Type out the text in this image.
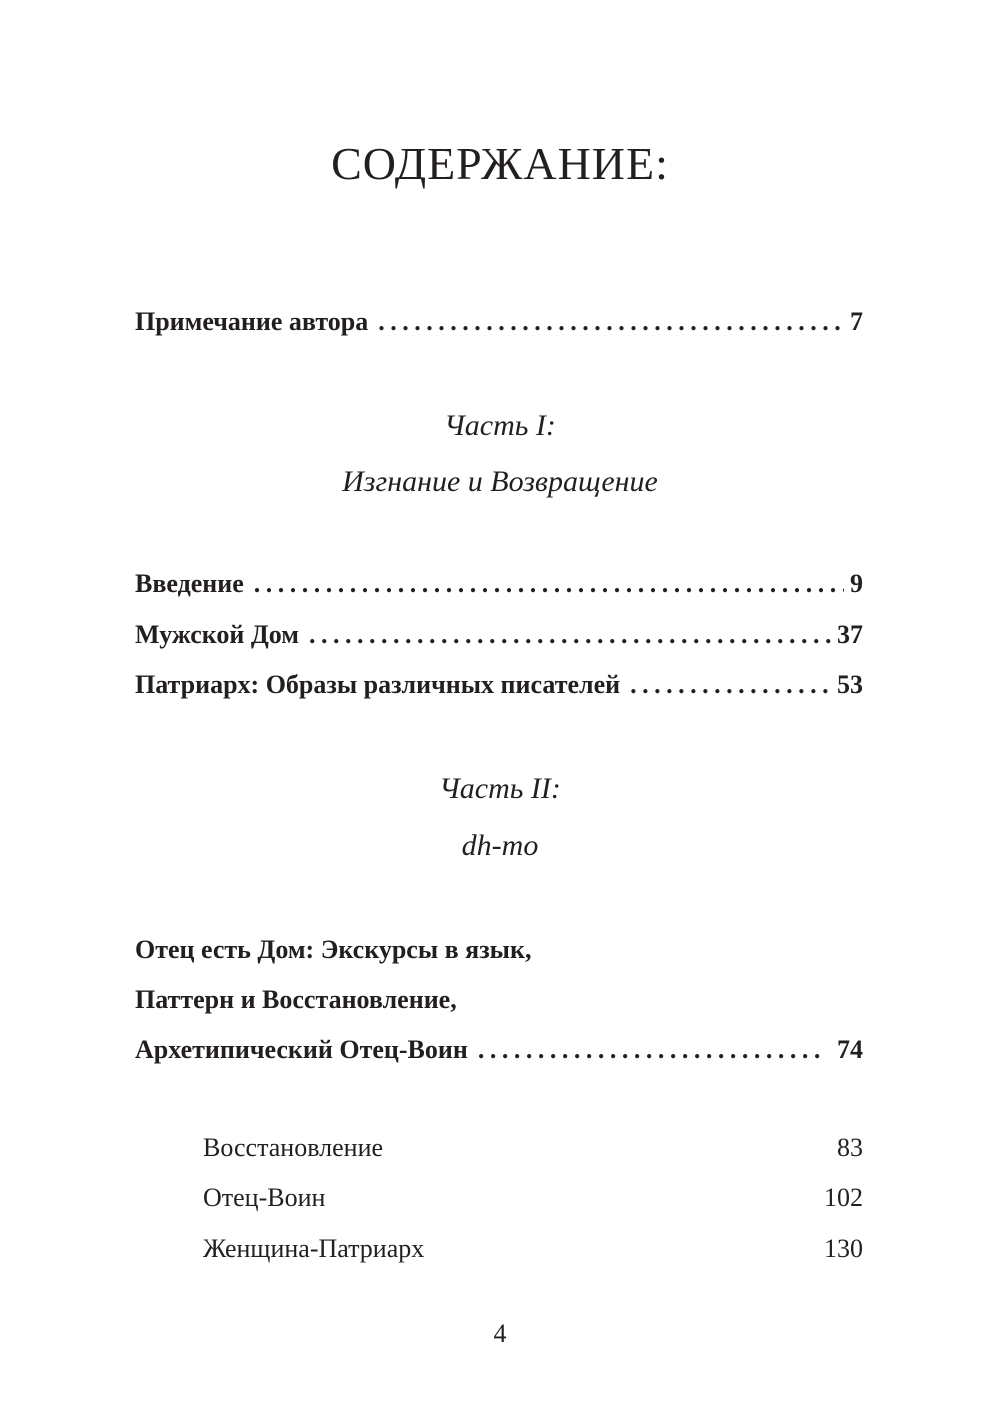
СОДЕРЖАНИЕ:
Примечание автора .....	7
Часть I:
Изгнание и Возвращение
Введение .....	9
Мужской Дом .....	37
Патриарх: Образы различных писателей .....	53
Часть II:
dh-mo
Отец есть Дом: Экскурсы в язык,
Паттерн и Восстановление,
Архетипический Отец-Воин .....	74
Восстановление	83
Отец-Воин	102
Женщина-Патриарх	130
4
